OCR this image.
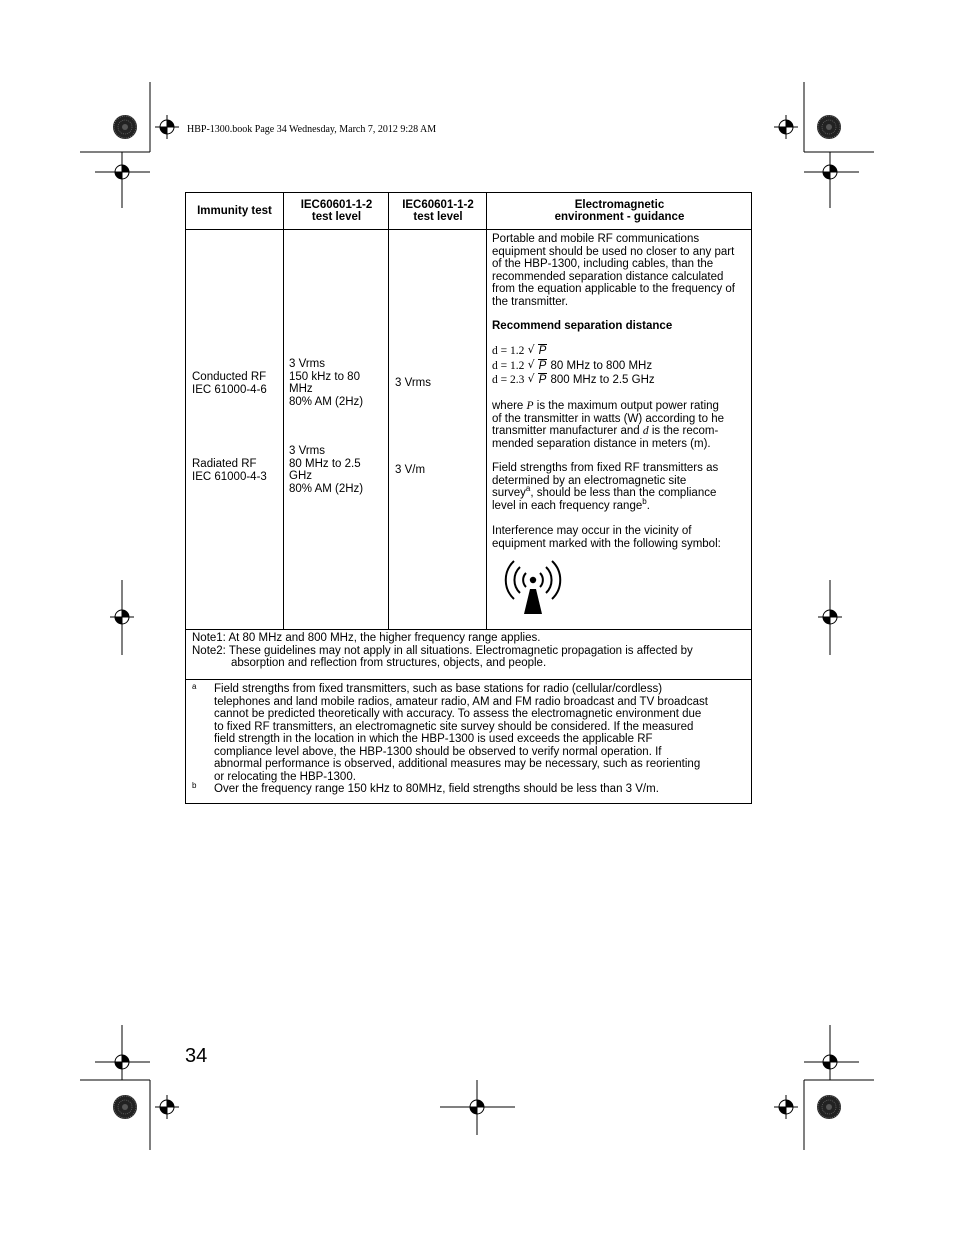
HBP-1300.book Page 34 Wednesday, March 7, 2012 9:28 AM
Immunity test	IEC60601-1-2
test level
IEC60601-1-2
test level
Electromagnetic
environment - guidance
Conducted RF
IEC 61000-4-6
3 Vrms
150 kHz to 80
MHz
80% AM (2Hz)
3 Vrms
Radiated RF
IEC 61000-4-3
3 Vrms
80 MHz to 2.5
GHz
80% AM (2Hz)
3 V/m
Portable and mobile RF communications
equipment should be used no closer to any part
of the HBP-1300, including cables, than the
recommended separation distance calculated
from the equation applicable to the frequency of
the transmitter.
Recommend separation distance
d = 1.2 √ P
d = 1.2 √ P 80 MHz to 800 MHz
d = 2.3 √ P 800 MHz to 2.5 GHz
where P is the maximum output power rating
of the transmitter in watts (W) according to he
transmitter manufacturer and d is the recom-
mended separation distance in meters (m).
Field strengths from fixed RF transmitters as
determined by an electromagnetic site
survey$^a$, should be less than the compliance
level in each frequency range$^b$.
Interference may occur in the vicinity of
equipment marked with the following symbol:
Note1: At 80 MHz and 800 MHz, the higher frequency range applies.
Note2: These guidelines may not apply in all situations. Electromagnetic propagation is affected by
absorption and reflection from structures, objects, and people.
a Field strengths from fixed transmitters, such as base stations for radio (cellular/cordless)
telephones and land mobile radios, amateur radio, AM and FM radio broadcast and TV broadcast
cannot be predicted theoretically with accuracy. To assess the electromagnetic environment due
to fixed RF transmitters, an electromagnetic site survey should be considered. If the measured
field strength in the location in which the HBP-1300 is used exceeds the applicable RF
compliance level above, the HBP-1300 should be observed to verify normal operation. If
abnormal performance is observed, additional measures may be necessary, such as reorienting
or relocating the HBP-1300.
b Over the frequency range 150 kHz to 80MHz, field strengths should be less than 3 V/m.
34
